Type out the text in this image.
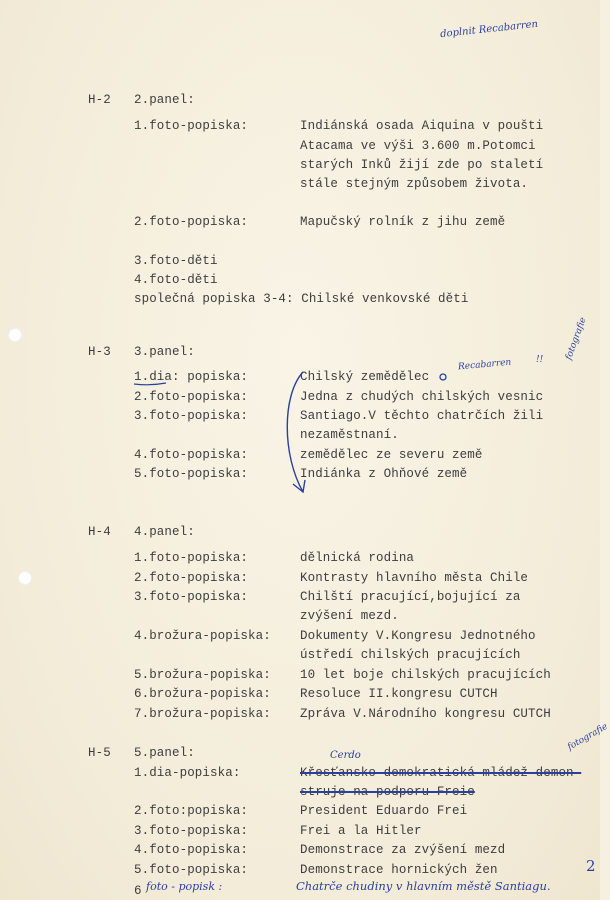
doplnit Recabarren
H-2 2.panel:
1.foto-popiska:	Indiánská osada Aiquina v poušti
Atacama ve výši 3.600 m.Potomci
starých Inků žijí zde po staletí
stále stejným způsobem života.
2.foto-popiska:	Mapučský rolník z jihu země
3.foto-děti
4.foto-děti
společná popiska 3-4: Chilské venkovské děti
H-3 3.panel:
1.dia: popiska:	Chilský zemědělec
2.foto-popiska:	Jedna z chudých chilských vesnic
3.foto-popiska:	Santiago.V těchto chatrčích žili
nezaměstnaní.
4.foto-popiska:	zemědělec ze severu země
5.foto-popiska:	Indiánka z Ohňové země
Recabarren	!! fotografie
H-4 4.panel:
1.foto-popiska:	dělnická rodina
2.foto-popiska:	Kontrasty hlavního města Chile
3.foto-popiska:	Chilští pracující,bojující za
zvýšení mezd.
4.brožura-popiska: Dokumenty V.Kongresu Jednotného
ústředí chilských pracujících
5.brožura-popiska: 10 let boje chilských pracujících
6.brožura-popiska: Resoluce II.kongresu CUTCH
7.brožura-popiska: Zpráva V.Národního kongresu CUTCH
H-5 5.panel:	Cerdo
fotografie
1.dia-popiska:	Křesťansko-demokratická mládež demon-
struje na podporu Freie
2.foto:popiska:	President Eduardo Frei
3.foto-popiska:	Frei a la Hitler
4.foto-popiska:	Demonstrace za zvýšení mezd
5.foto-popiska:	Demonstrace hornických žen	2
6 foto - popisk :	Chatrče chudiny v hlavním městě Santiagu.
